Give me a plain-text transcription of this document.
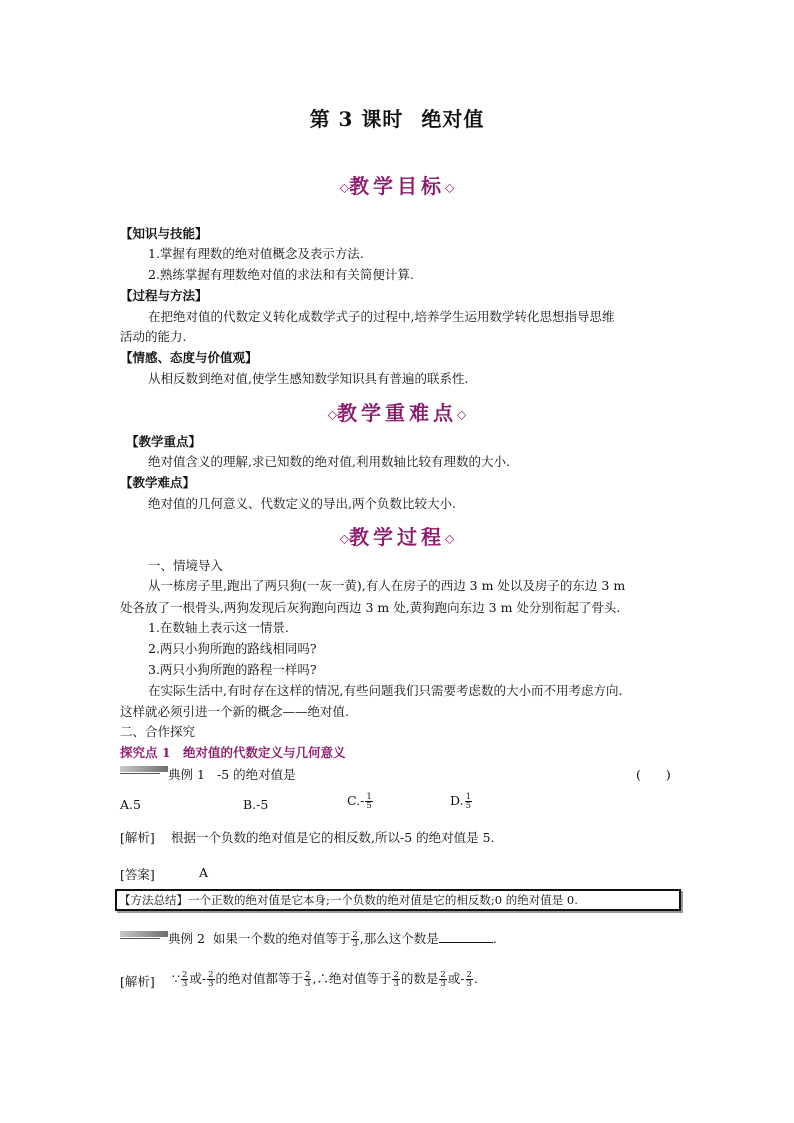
第 3 课时 绝对值
◇教学目标◇
【知识与技能】
1.掌握有理数的绝对值概念及表示方法.
2.熟练掌握有理数绝对值的求法和有关简便计算.
【过程与方法】
在把绝对值的代数定义转化成数学式子的过程中,培养学生运用数学转化思想指导思维
活动的能力.
【情感、态度与价值观】
从相反数到绝对值,使学生感知数学知识具有普遍的联系性.
◇教学重难点◇
【教学重点】
绝对值含义的理解,求已知数的绝对值,利用数轴比较有理数的大小.
【教学难点】
绝对值的几何意义、代数定义的导出,两个负数比较大小.
◇教学过程◇
一、情境导入
从一栋房子里,跑出了两只狗(一灰一黄),有人在房子的西边 3 m 处以及房子的东边 3 m
处各放了一根骨头,两狗发现后灰狗跑向西边 3 m 处,黄狗跑向东边 3 m 处分别衔起了骨头.
1.在数轴上表示这一情景.
2.两只小狗所跑的路线相同吗?
3.两只小狗所跑的路程一样吗?
在实际生活中,有时存在这样的情况,有些问题我们只需要考虑数的大小而不用考虑方向.
这样就必须引进一个新的概念——绝对值.
二、合作探究
探究点 1　绝对值的代数定义与几何意义
典例 1 -5 的绝对值是	(　　)
A.5	B.-5	$C.- \frac{1}{5}$	D. $\frac{1}{5}$
[解析] 根据一个负数的绝对值是它的相反数,所以-5 的绝对值是 5.
[答案]	A
【方法总结】一个正数的绝对值是它本身;一个负数的绝对值是它的相反数;0 的绝对值是 0.
典例 2 如果一个数的绝对值等于 $\frac{2}{3}$ ,那么这个数是	.
[解析] ∵ $\frac{2}{3}$ 或- $\frac{2}{3}$ 的绝对值都等于 $\frac{2}{3}$ ,∴绝对值等于 $\frac{2}{3}$ 的数是 $\frac{2}{3}$ 或- $\frac{2}{3}$ .
